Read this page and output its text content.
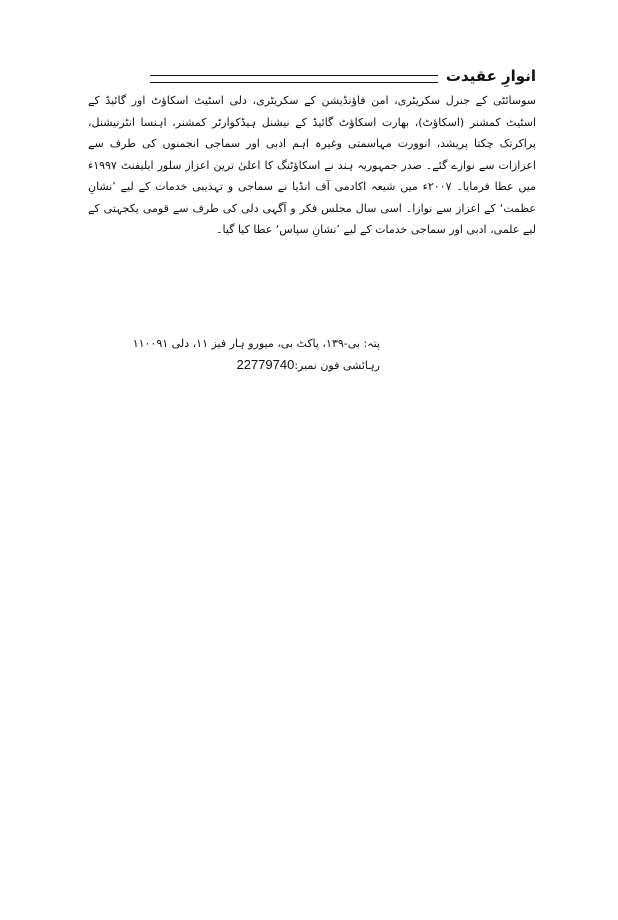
انوارِ عقیدت

سوسائٹی کے جنرل سکریٹری، امن فاؤنڈیشن کے سکریٹری، دلی اسٹیٹ اسکاؤٹ اور گائیڈ کے اسٹیٹ کمشنر (اسکاؤٹ)، بھارت اسکاؤٹ گائیڈ کے نیشنل ہیڈکوارٹر کمشنر، اہنسا انٹرنیشنل، پراکرتک چکتا پریشد، انوورت مہاسمتی وغیرہ اہم ادبی اور سماجی انجمنوں کی طرف سے اعزازات سے نوازے گئے۔ صدر جمہوریہ ہند نے اسکاؤٹنگ کا اعلیٰ ترین اعزاز سلور ایلیفنٹ ۱۹۹۷ء میں عطا فرمایا۔ ۲۰۰۷ء میں شیعہ اکادمی آف انڈیا نے سماجی و تہذیبی خدمات کے لیے ’نشانِ عظمت‘ کے اعزاز سے نوازا۔ اسی سال مجلس فکر و آگہی دلی کی طرف سے قومی یکجہتی کے لیے علمی، ادبی اور سماجی خدمات کے لیے ’نشانِ سپاس‘ عطا کیا گیا۔

پتہ: بی-۱۳۹، پاکٹ بی، میورو ہار فیز ۱۱، دلی ۱۱۰۰۹۱
رہائشی فون نمبر:22779740
